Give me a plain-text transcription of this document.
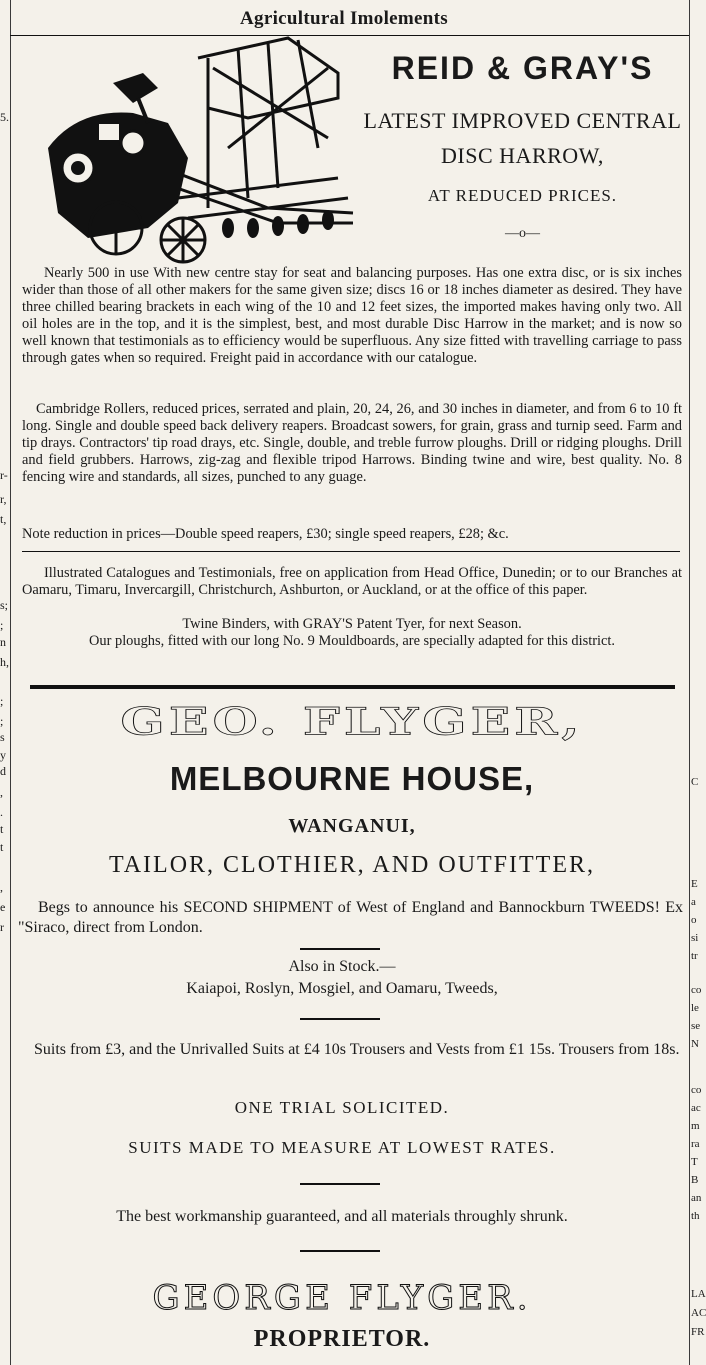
5.
r-
r,
t,
s;
;
n
h,
;
;
s
y
d
,
.
t
t
,
e
r
C
E
a
o
si
tr
co
le
se
N
co
ac
m
ra
T
B
an
th
LA
AC
FR
Agricultural Imolements
REID & GRAY'S
LATEST IMPROVED CENTRAL
DISC HARROW,
AT REDUCED PRICES.
—o—
Nearly 500 in use With new centre stay for seat and balancing purposes. Has one extra disc, or is six inches wider than those of all other makers for the same given size; discs 16 or 18 inches diameter as desired. They have three chilled bearing brackets in each wing of the 10 and 12 feet sizes, the imported makes having only two. All oil holes are in the top, and it is the simplest, best, and most durable Disc Harrow in the market; and is now so well known that testimonials as to efficiency would be superfluous. Any size fitted with travelling carriage to pass through gates when so required. Freight paid in accordance with our catalogue.
Cambridge Rollers, reduced prices, serrated and plain, 20, 24, 26, and 30 inches in diameter, and from 6 to 10 ft long. Single and double speed back delivery reapers. Broadcast sowers, for grain, grass and turnip seed. Farm and tip drays. Contractors' tip road drays, etc. Single, double, and treble furrow ploughs. Drill or ridging ploughs. Drill and field grubbers. Harrows, zig-zag and flexible tripod Harrows. Binding twine and wire, best quality. No. 8 fencing wire and standards, all sizes, punched to any guage.
Note reduction in prices—Double speed reapers, £30; single speed reapers, £28; &c.
Illustrated Catalogues and Testimonials, free on application from Head Office, Dunedin; or to our Branches at Oamaru, Timaru, Invercargill, Christchurch, Ashburton, or Auckland, or at the office of this paper.
Twine Binders, with GRAY'S Patent Tyer, for next Season.
Our ploughs, fitted with our long No. 9 Mouldboards, are specially adapted for this district.
GEO. FLYGER,
MELBOURNE HOUSE,
WANGANUI,
TAILOR, CLOTHIER, AND OUTFITTER,
Begs to announce his SECOND SHIPMENT of West of England and Bannockburn TWEEDS! Ex "Siraco, direct from London.
Also in Stock.—
Kaiapoi, Roslyn, Mosgiel, and Oamaru, Tweeds,
Suits from £3, and the Unrivalled Suits at £4 10s Trousers and Vests from £1 15s. Trousers from 18s.
ONE TRIAL SOLICITED.
SUITS MADE TO MEASURE AT LOWEST RATES.
The best workmanship guaranteed, and all materials throughly shrunk.
GEORGE FLYGER.
PROPRIETOR.
